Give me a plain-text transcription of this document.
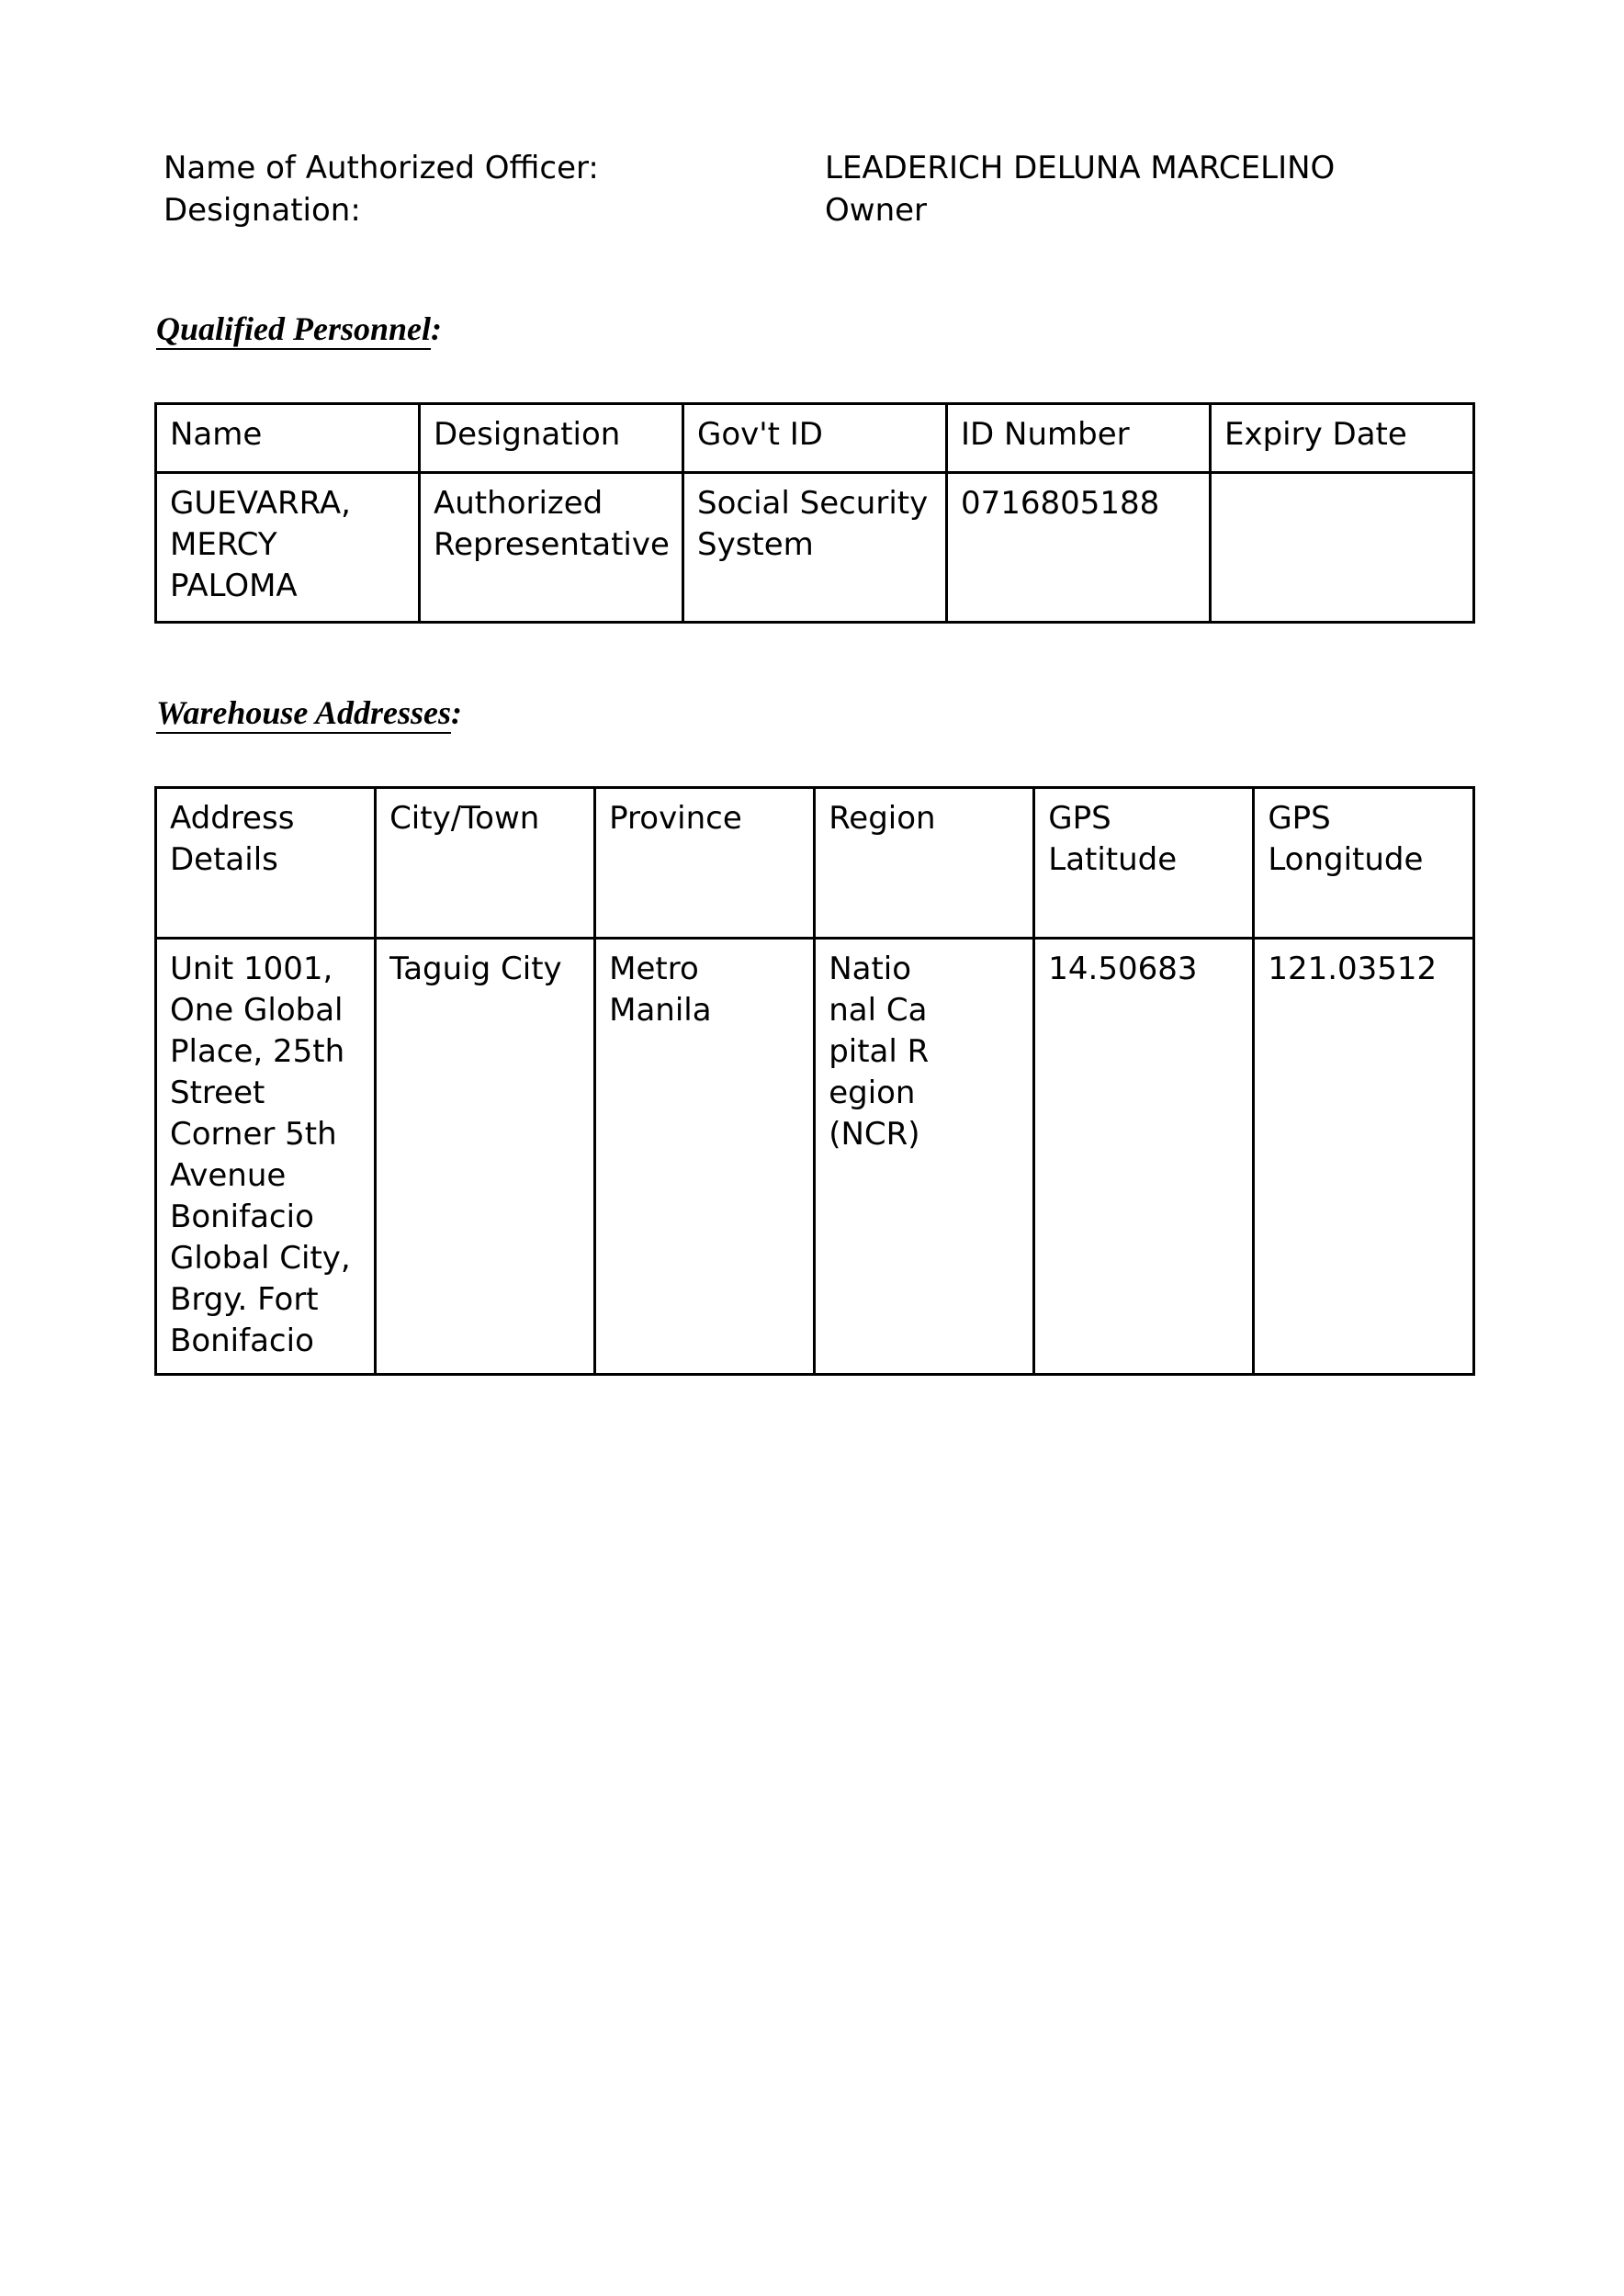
Name of Authorized Officer:	LEADERICH DELUNA MARCELINO
Designation:	Owner
Qualified Personnel:
Name	Designation	Gov't ID	ID Number	Expiry Date
GUEVARRA, MERCY PALOMA	Authorized Representative	Social Security System	0716805188	
Warehouse Addresses:
Address Details	City/Town	Province	Region	GPS Latitude	GPS Longitude
Unit 1001, One Global Place, 25th Street Corner 5th Avenue Bonifacio Global City, Brgy. Fort Bonifacio	Taguig City	Metro Manila	National Capital Region (NCR)	14.50683	121.03512
